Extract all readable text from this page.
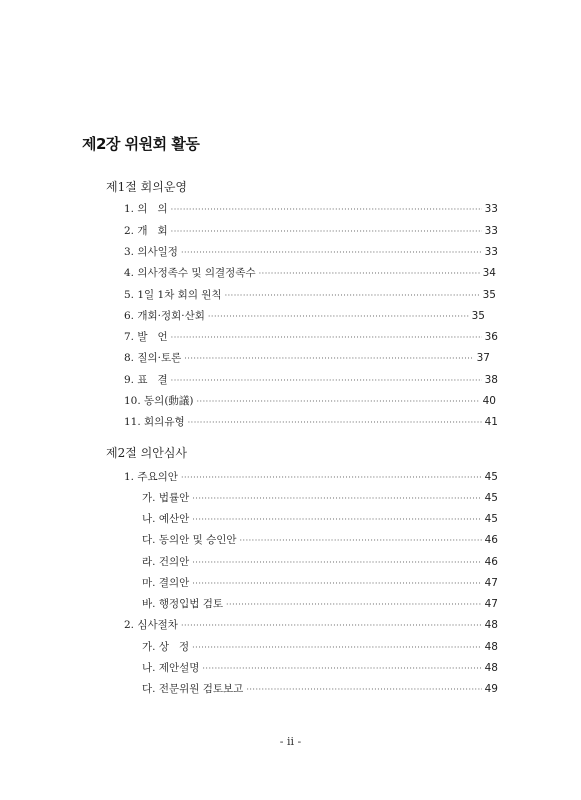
제2장 위원회 활동
제1절 회의운영
1. 의   의 ·····	33
2. 개   회 ·····	33
3. 의사일정 ·····	33
4. 의사정족수 및 의결정족수 ·····	34
5. 1일 1차 회의 원칙 ·····	35
6. 개회·정회·산회 ·····	35
7. 발   언 ·····	36
8. 질의·토론 ·····	37
9. 표   결 ·····	38
10. 동의(動議) ·····	40
11. 회의유형 ·····	41
제2절 의안심사
1. 주요의안 ·····	45
가. 법률안 ·····	45
나. 예산안 ·····	45
다. 동의안 및 승인안 ·····	46
라. 건의안 ·····	46
마. 결의안 ·····	47
바. 행정입법 검토 ·····	47
2. 심사절차 ·····	48
가. 상   정 ·····	48
나. 제안설명 ·····	48
다. 전문위원 검토보고 ·····	49
- ii -
